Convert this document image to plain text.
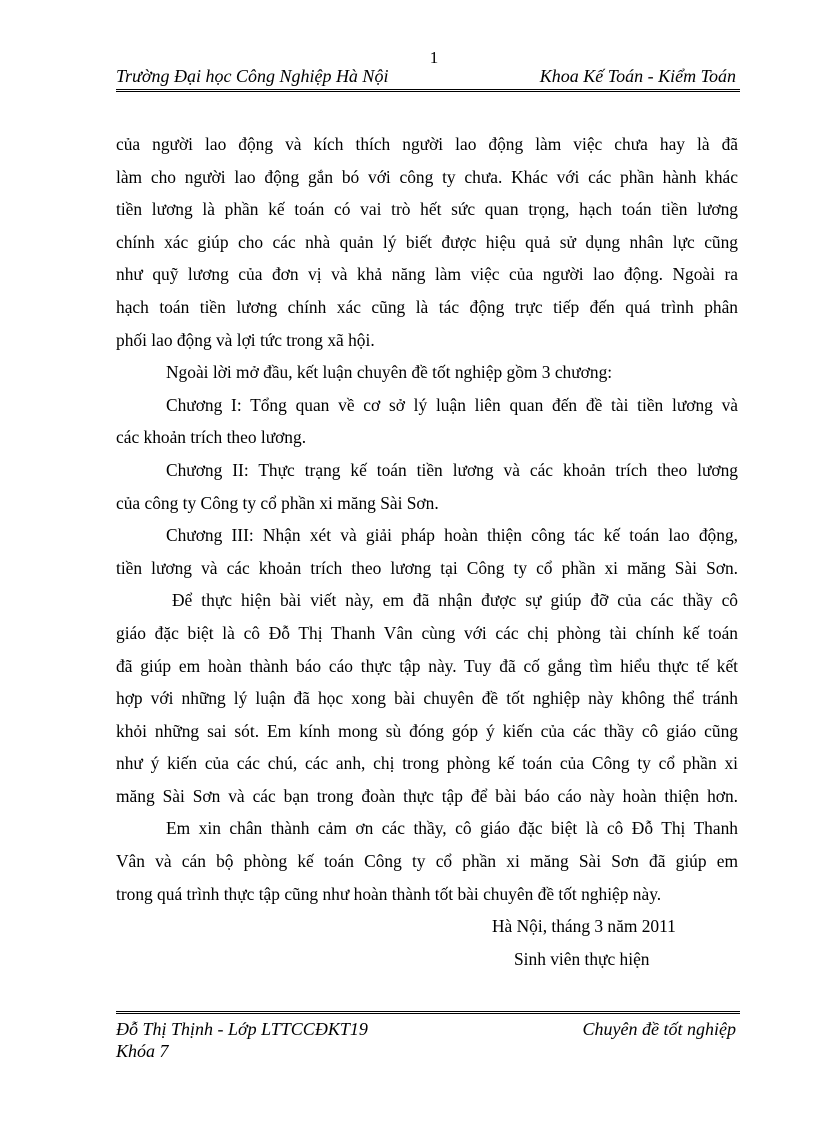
1
Trường Đại học Công Nghiệp Hà Nội	Khoa Kế Toán - Kiểm Toán
của người lao động và kích thích người lao động làm việc chưa hay là đã
làm cho người lao động gắn bó với công ty chưa. Khác với các phần hành khác
tiền lương là phần kế toán có vai trò hết sức quan trọng, hạch toán tiền lương
chính xác giúp cho các nhà quản lý biết được hiệu quả sử dụng nhân lực cũng
như quỹ lương của đơn vị và khả năng làm việc của người lao động. Ngoài ra
hạch toán tiền lương chính xác cũng là tác động trực tiếp đến quá trình phân
phối lao động và lợi tức trong xã hội.
Ngoài lời mở đầu, kết luận chuyên đề tốt nghiệp gồm 3 chương:
Chương I: Tổng quan về cơ sở lý luận liên quan đến đề tài tiền lương và
các khoản trích theo lương.
Chương II: Thực trạng kế toán tiền lương và các khoản trích theo lương
của công ty Công ty cổ phần xi măng Sài Sơn.
Chương III: Nhận xét và giải pháp hoàn thiện công tác kế toán lao động,
tiền lương và các khoản trích theo lương tại Công ty cổ phần xi măng Sài Sơn.
Để thực hiện bài viết này, em đã nhận được sự giúp đỡ của các thầy cô
giáo đặc biệt là cô Đỗ Thị Thanh Vân cùng với các chị phòng tài chính kế toán
đã giúp em hoàn thành báo cáo thực tập này. Tuy đã cố gắng tìm hiểu thực tế kết
hợp với những lý luận đã học xong bài chuyên đề tốt nghiệp này không thể tránh
khỏi những sai sót. Em kính mong sù đóng góp ý kiến của các thầy cô giáo cũng
như ý kiến của các chú, các anh, chị trong phòng kế toán của Công ty cổ phần xi
măng Sài Sơn và các bạn trong đoàn thực tập để bài báo cáo này hoàn thiện hơn.
Em xin chân thành cảm ơn các thầy, cô giáo đặc biệt là cô Đỗ Thị Thanh
Vân và cán bộ phòng kế toán Công ty cổ phần xi măng Sài Sơn đã giúp em
trong quá trình thực tập cũng như hoàn thành tốt bài chuyên đề tốt nghiệp này.
Hà Nội, tháng 3 năm 2011
Sinh viên thực hiện
Đỗ Thị Thịnh - Lớp LTTCCĐKT19	Chuyên đề tốt nghiệp
Khóa 7
